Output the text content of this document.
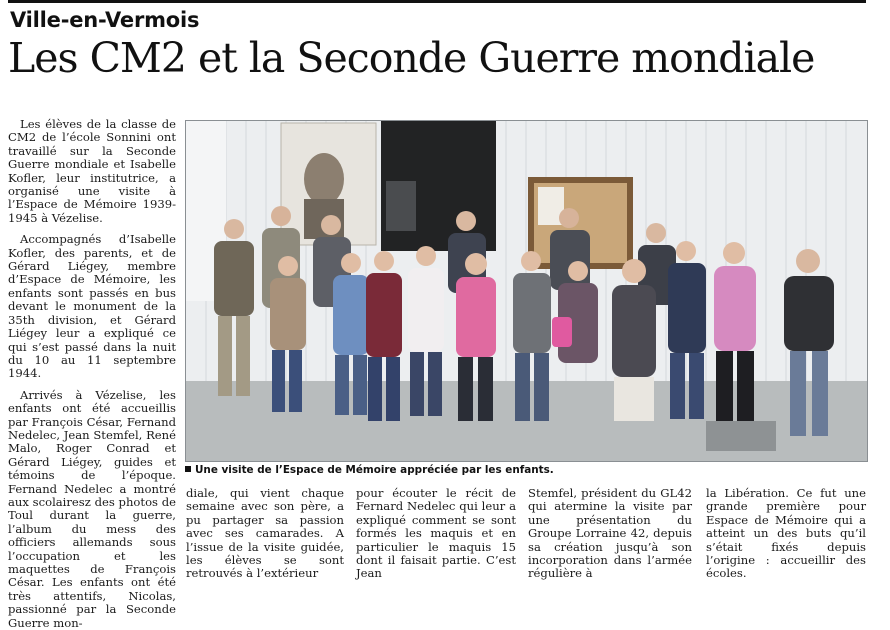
Ville-en-Vermois
Les CM2 et la Seconde Guerre mondiale

Les élèves de la classe de CM2 de l’école Sonnini ont travaillé sur la Seconde Guerre mondiale et Isabelle Kofler, leur institutrice, a organisé une visite à l’Espace de Mémoire 1939-1945 à Vézelise.

Accompagnés d’Isabelle Kofler, des parents, et de Gérard Liégey, membre d’Espace de Mémoire, les enfants sont passés en bus devant le monument de la 35th division, et Gérard Liégey leur a expliqué ce qui s’est passé dans la nuit du 10 au 11 septembre 1944.

Arrivés à Vézelise, les enfants ont été accueillis par François César, Fernand Nedelec, Jean Stemfel, René Malo, Roger Conrad et Gérard Liégey, guides et témoins de l’époque. Fernand Nedelec a montré aux scolairesz des photos de Toul durant la guerre, l’album du mess des officiers allemands sous l’occupation et les maquettes de François César. Les enfants ont été très attentifs, Nicolas, passionné par la Seconde Guerre mon-

Une visite de l’Espace de Mémoire appréciée par les enfants.

diale, qui vient chaque semaine avec son père, a pu partager sa passion avec ses camarades. A l’issue de la visite guidée, les élèves se sont retrouvés à l’extérieur

pour écouter le récit de Fernard Nedelec qui leur a expliqué comment se sont formés les maquis et en particulier le maquis 15 dont il faisait partie. C’est Jean

Stemfel, président du GL42 qui atermine la visite par une présentation du Groupe Lorraine 42, depuis sa création jusqu’à son incorporation dans l’armée régulière à

la Libération. Ce fut une grande première pour Espace de Mémoire qui a atteint un des buts qu’il s’était fixés depuis l’origine : accueillir des écoles.
